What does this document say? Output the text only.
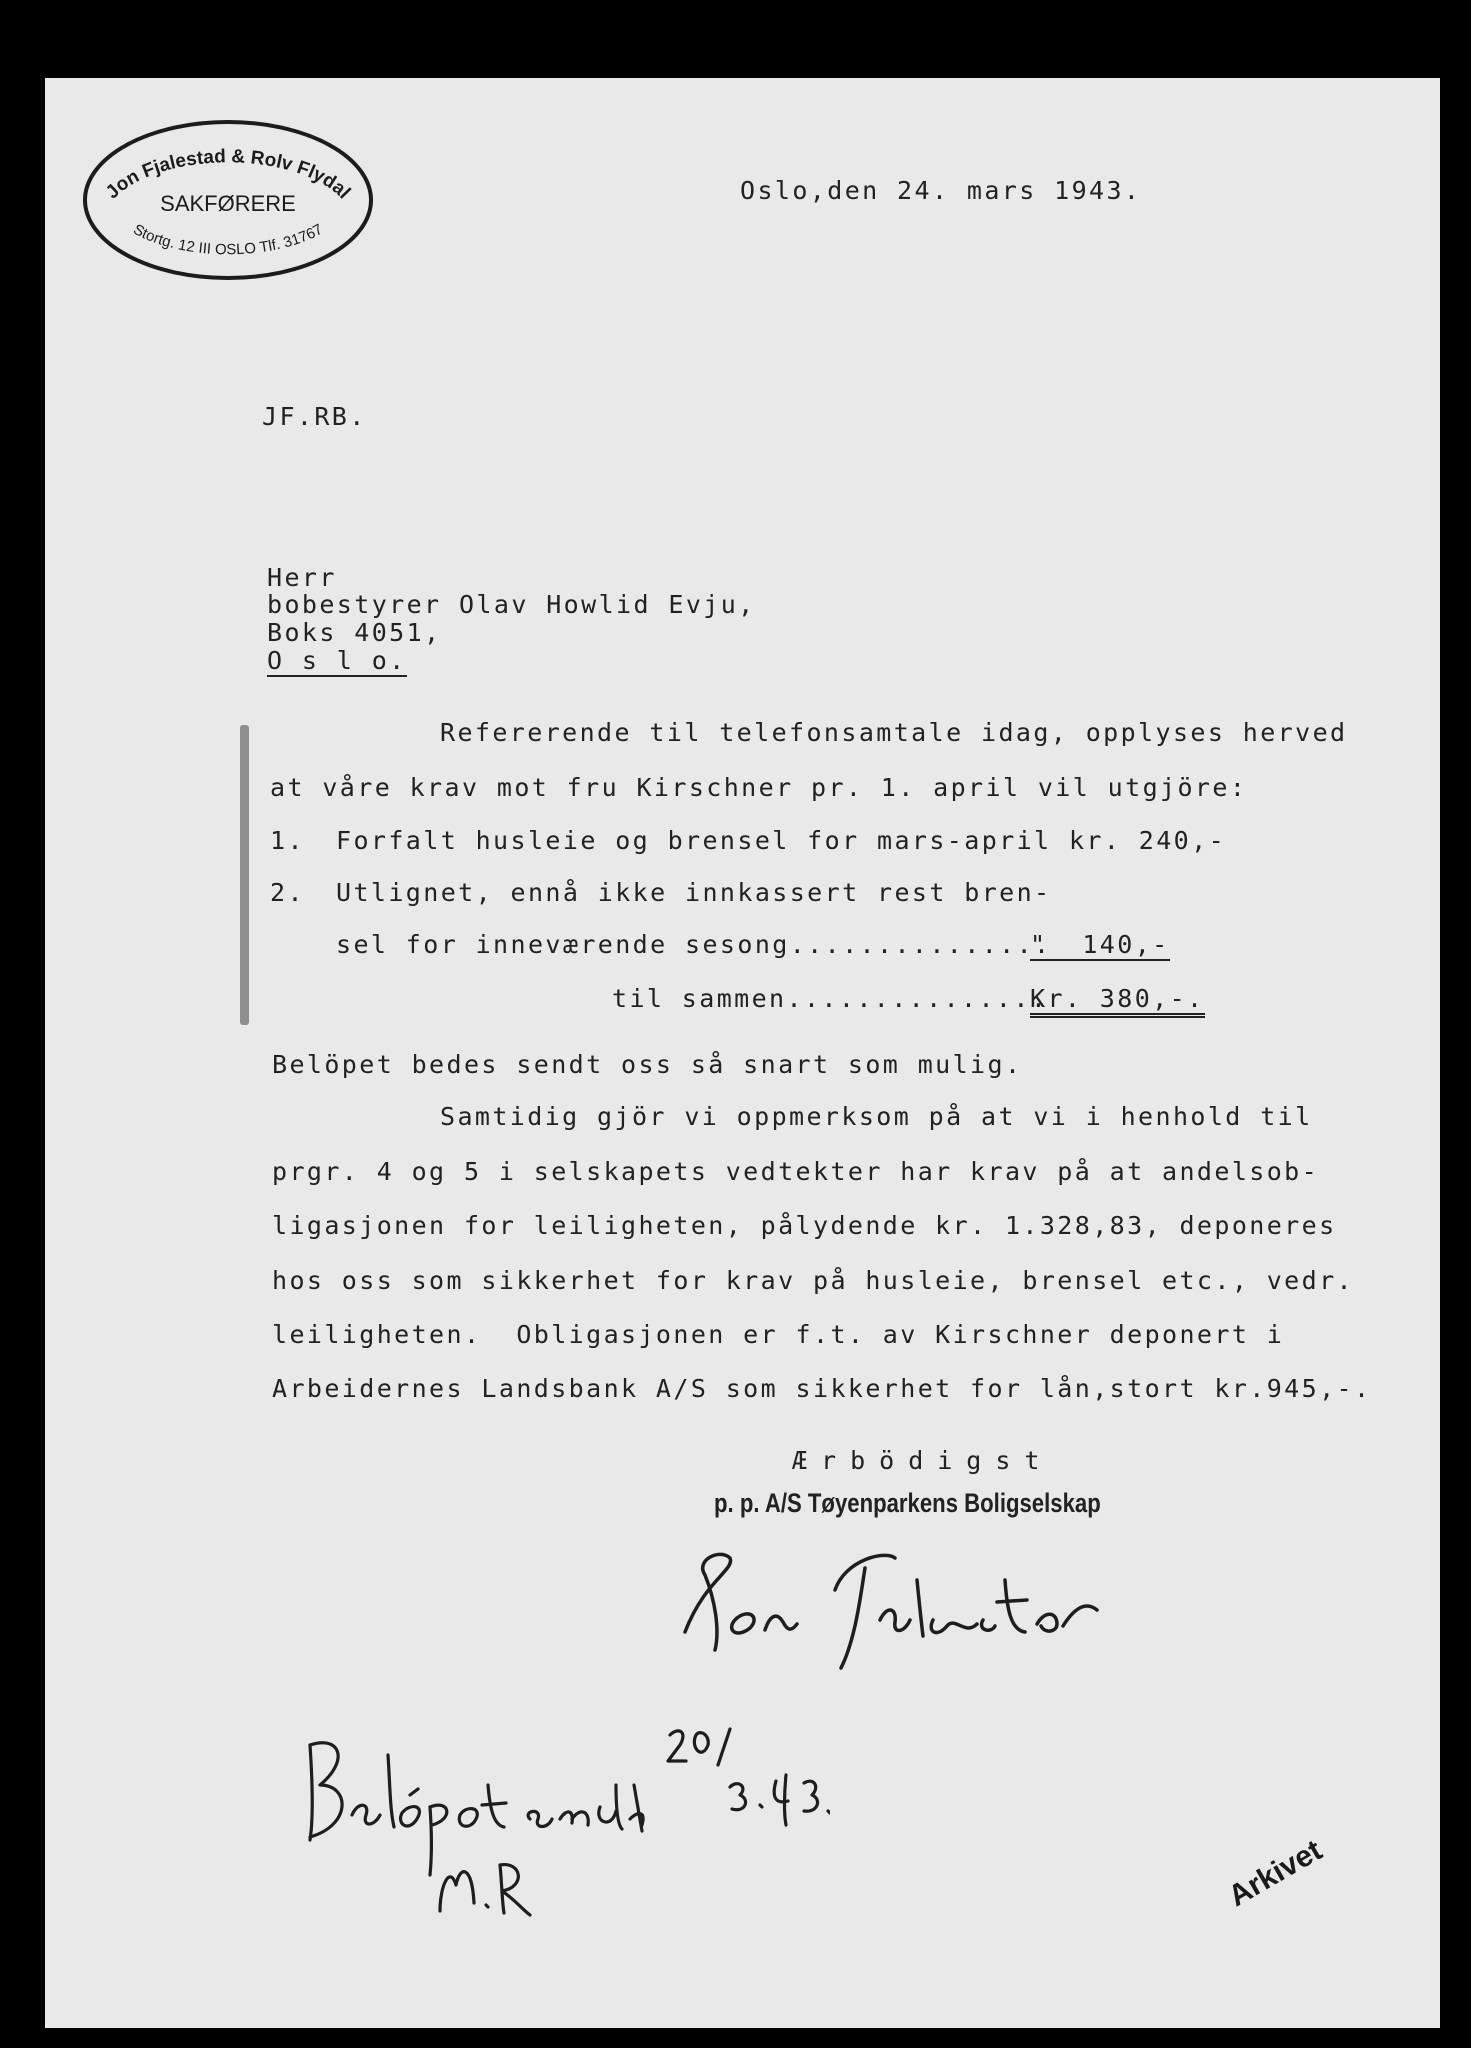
Jon Fjalestad & Rolv Flydal
SAKFØRERE
Stortg. 12 III OSLO Tlf. 31767
Oslo,den 24. mars 1943.
JF.RB.
Herr
bobestyrer Olav Howlid Evju,
Boks 4051,
O s l o.
Refererende til telefonsamtale idag, opplyses herved
at våre krav mot fru Kirschner pr. 1. april vil utgjöre:
1. Forfalt husleie og brensel for mars-april kr. 240,-
2. Utlignet, ennå ikke innkassert rest bren-
sel for inneværende sesong...............
"  140,-
til sammen...............
Kr. 380,-.
Belöpet bedes sendt oss så snart som mulig.
Samtidig gjör vi oppmerksom på at vi i henhold til
prgr. 4 og 5 i selskapets vedtekter har krav på at andelsob-
ligasjonen for leiligheten, pålydende kr. 1.328,83, deponeres
hos oss som sikkerhet for krav på husleie, brensel etc., vedr.
leiligheten.  Obligasjonen er f.t. av Kirschner deponert i
Arbeidernes Landsbank A/S som sikkerhet for lån,stort kr.945,-.
Ærbödigst
p. p. A/S Tøyenparkens Boligselskap
Arkivet
